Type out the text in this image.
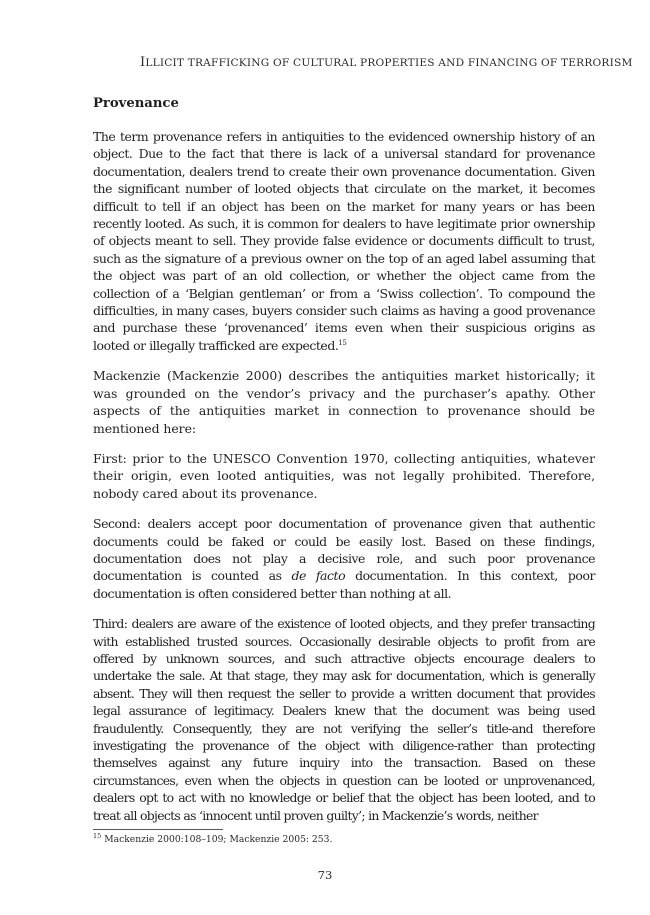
ILLICIT TRAFFICKING OF CULTURAL PROPERTIES AND FINANCING OF TERRORISM
Provenance

The term provenance refers in antiquities to the evidenced ownership history of an object. Due to the fact that there is lack of a universal standard for provenance documentation, dealers trend to create their own provenance documentation. Given the significant number of looted objects that circulate on the market, it becomes difficult to tell if an object has been on the market for many years or has been recently looted. As such, it is common for dealers to have legitimate prior ownership of objects meant to sell. They provide false evidence or documents difficult to trust, such as the signature of a previous owner on the top of an aged label assuming that the object was part of an old collection, or whether the object came from the collection of a ‘Belgian gentleman’ or from a ‘Swiss collection’. To compound the difficulties, in many cases, buyers consider such claims as having a good provenance and purchase these ‘provenanced’ items even when their suspicious origins as looted or illegally trafficked are expected.$^{15}$

Mackenzie (Mackenzie 2000) describes the antiquities market historically; it was grounded on the vendor’s privacy and the purchaser’s apathy. Other aspects of the antiquities market in connection to provenance should be mentioned here:

First: prior to the UNESCO Convention 1970, collecting antiquities, whatever their origin, even looted antiquities, was not legally prohibited. Therefore, nobody cared about its provenance.

Second: dealers accept poor documentation of provenance given that authentic documents could be faked or could be easily lost. Based on these findings, documentation does not play a decisive role, and such poor provenance documentation is counted as de facto documentation. In this context, poor documentation is often considered better than nothing at all.

Third: dealers are aware of the existence of looted objects, and they prefer transacting with established trusted sources. Occasionally desirable objects to profit from are offered by unknown sources, and such attractive objects encourage dealers to undertake the sale. At that stage, they may ask for documentation, which is generally absent. They will then request the seller to provide a written document that provides legal assurance of legitimacy. Dealers knew that the document was being used fraudulently. Consequently, they are not verifying the seller’s title-and therefore investigating the provenance of the object with diligence-rather than protecting themselves against any future inquiry into the transaction. Based on these circumstances, even when the objects in question can be looted or unprovenanced, dealers opt to act with no knowledge or belief that the object has been looted, and to treat all objects as ‘innocent until proven guilty’; in Mackenzie’s words, neither

$^{15}$ Mackenzie 2000:108–109; Mackenzie 2005: 253.
73
